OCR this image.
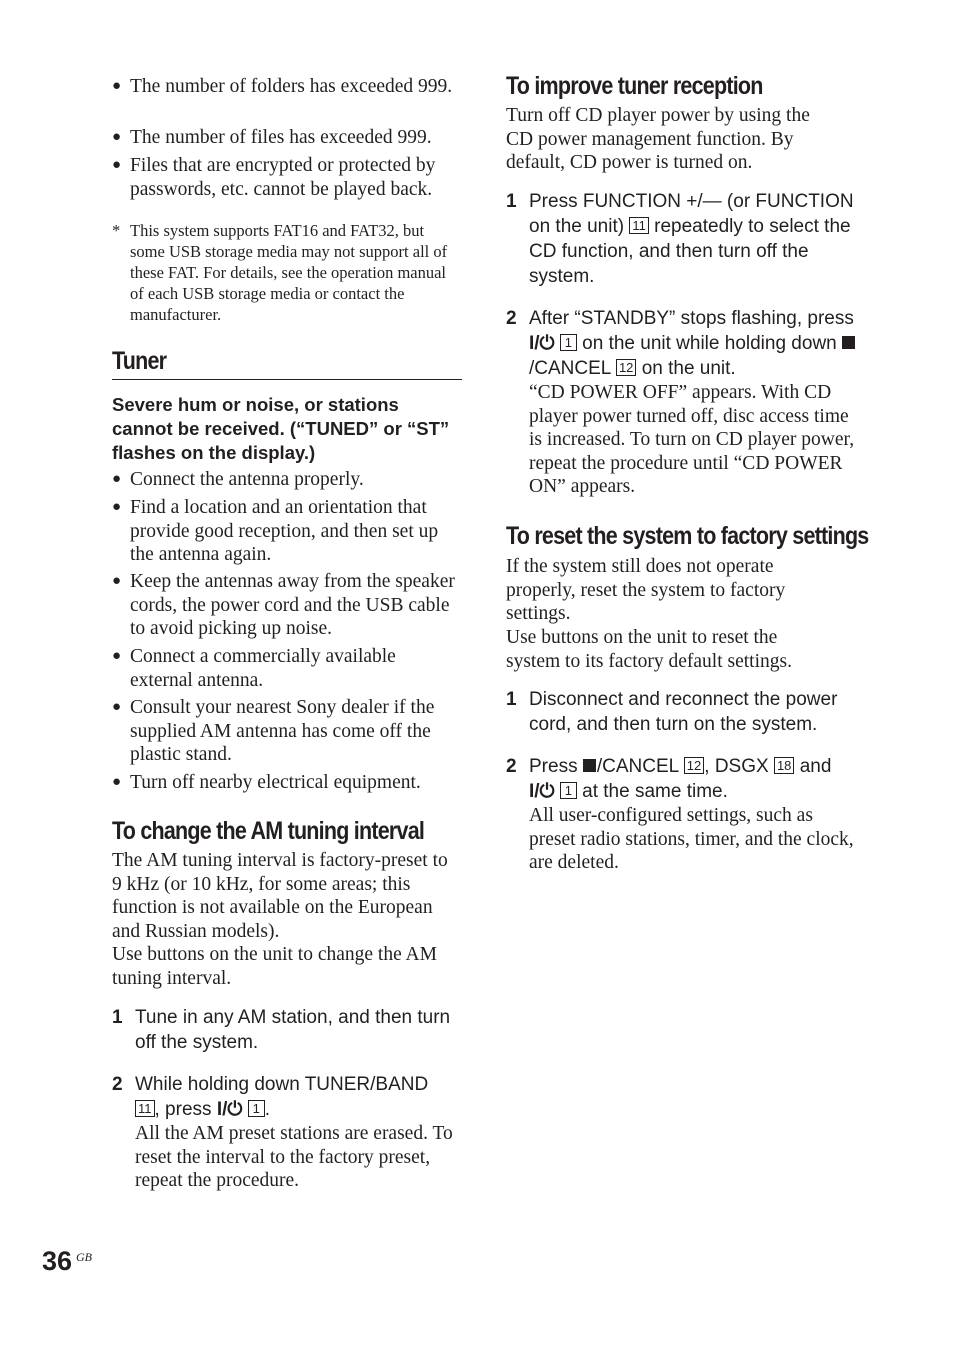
● The number of folders has exceeded 999.
● The number of files has exceeded 999.
● Files that are encrypted or protected by passwords, etc. cannot be played back.
* This system supports FAT16 and FAT32, but some USB storage media may not support all of these FAT. For details, see the operation manual of each USB storage media or contact the manufacturer.
Tuner
Severe hum or noise, or stations cannot be received. (“TUNED” or “ST” flashes on the display.)
● Connect the antenna properly.
● Find a location and an orientation that provide good reception, and then set up the antenna again.
● Keep the antennas away from the speaker cords, the power cord and the USB cable to avoid picking up noise.
● Connect a commercially available external antenna.
● Consult your nearest Sony dealer if the supplied AM antenna has come off the plastic stand.
● Turn off nearby electrical equipment.
To change the AM tuning interval
The AM tuning interval is factory-preset to 9 kHz (or 10 kHz, for some areas; this function is not available on the European and Russian models).
Use buttons on the unit to change the AM tuning interval.
1 Tune in any AM station, and then turn off the system.
2 While holding down TUNER/BAND
11 , press I/⏻ 1 .
All the AM preset stations are erased. To reset the interval to the factory preset, repeat the procedure.
To improve tuner reception
Turn off CD player power by using the CD power management function. By default, CD power is turned on.
1 Press FUNCTION +/— (or FUNCTION on the unit) 11 repeatedly to select the CD function, and then turn off the system.
2 After “STANDBY” stops flashing, press I/⏻ 1 on the unit while holding down /CANCEL 12 on the unit.
“CD POWER OFF” appears. With CD player power turned off, disc access time is increased. To turn on CD player power, repeat the procedure until “CD POWER ON” appears.
To reset the system to factory settings
If the system still does not operate properly, reset the system to factory settings.
Use buttons on the unit to reset the system to its factory default settings.
1 Disconnect and reconnect the power cord, and then turn on the system.
2 Press /CANCEL 12 , DSGX 18 and
I/⏻ 1 at the same time.
All user-configured settings, such as preset radio stations, timer, and the clock, are deleted.
36 GB
